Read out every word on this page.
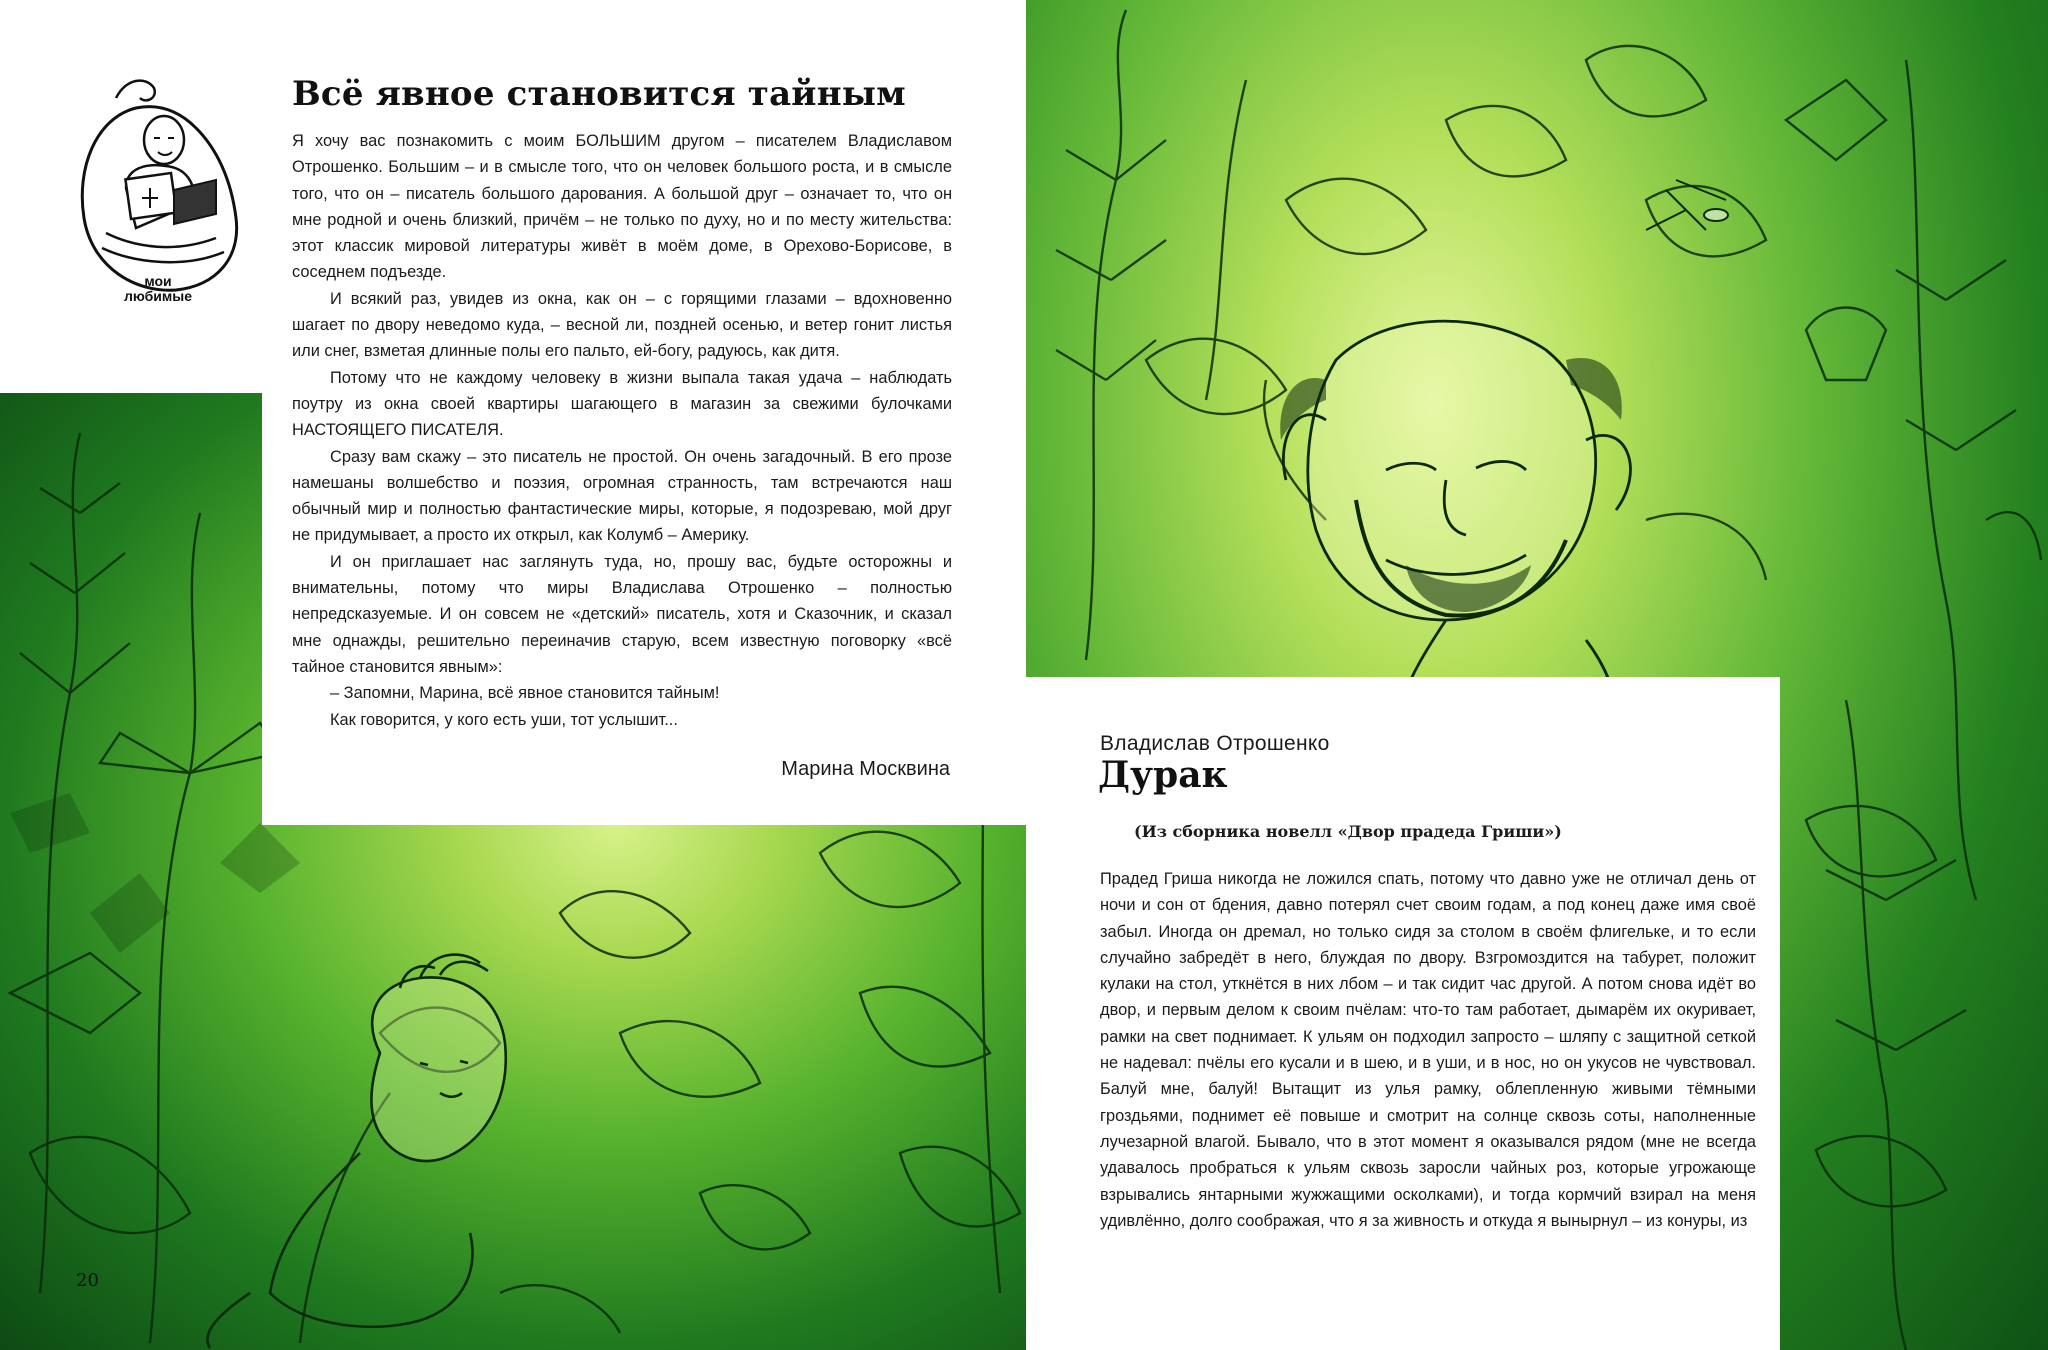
мои
любимые
Всё явное становится тайным

Я хочу вас познакомить с моим БОЛЬШИМ другом – писателем Владиславом Отрошенко. Большим – и в смысле того, что он человек большого роста, и в смысле того, что он – писатель большого дарования. А большой друг – означает то, что он мне родной и очень близкий, причём – не только по духу, но и по месту жительства: этот классик мировой литературы живёт в моём доме, в Орехово-Борисове, в соседнем подъезде.

И всякий раз, увидев из окна, как он – с горящими глазами – вдохновенно шагает по двору неведомо куда, – весной ли, поздней осенью, и ветер гонит листья или снег, взметая длинные полы его пальто, ей-богу, радуюсь, как дитя.

Потому что не каждому человеку в жизни выпала такая удача – наблюдать поутру из окна своей квартиры шагающего в магазин за свежими булочками НАСТОЯЩЕГО ПИСАТЕЛЯ.

Сразу вам скажу – это писатель не простой. Он очень загадочный. В его прозе намешаны волшебство и поэзия, огромная странность, там встречаются наш обычный мир и полностью фантастические миры, которые, я подозреваю, мой друг не придумывает, а просто их открыл, как Колумб – Америку.

И он приглашает нас заглянуть туда, но, прошу вас, будьте осторожны и внимательны, потому что миры Владислава Отрошенко – полностью непредсказуемые. И он совсем не «детский» писатель, хотя и Сказочник, и сказал мне однажды, решительно переиначив старую, всем известную поговорку «всё тайное становится явным»:

– Запомни, Марина, всё явное становится тайным!

Как говорится, у кого есть уши, тот услышит...

Марина Москвина
20
Владислав Отрошенко
Дурак
(Из сборника новелл «Двор прадеда Гриши»)

Прадед Гриша никогда не ложился спать, потому что давно уже не отличал день от ночи и сон от бдения, давно потерял счет своим годам, а под конец даже имя своё забыл. Иногда он дремал, но только сидя за столом в своём флигельке, и то если случайно забредёт в него, блуждая по двору. Взгромоздится на табурет, положит кулаки на стол, уткнётся в них лбом – и так сидит час другой. А потом снова идёт во двор, и первым делом к своим пчёлам: что-то там работает, дымарём их окуривает, рамки на свет поднимает. К ульям он подходил запросто – шляпу с защитной сеткой не надевал: пчёлы его кусали и в шею, и в уши, и в нос, но он укусов не чувствовал. Балуй мне, балуй! Вытащит из улья рамку, облепленную живыми тёмными гроздьями, поднимет её повыше и смотрит на солнце сквозь соты, наполненные лучезарной влагой. Бывало, что в этот момент я оказывался рядом (мне не всегда удавалось пробраться к ульям сквозь заросли чайных роз, которые угрожающе взрывались янтарными жужжащими осколками), и тогда кормчий взирал на меня удивлённо, долго соображая, что я за живность и откуда я вынырнул – из конуры, из
